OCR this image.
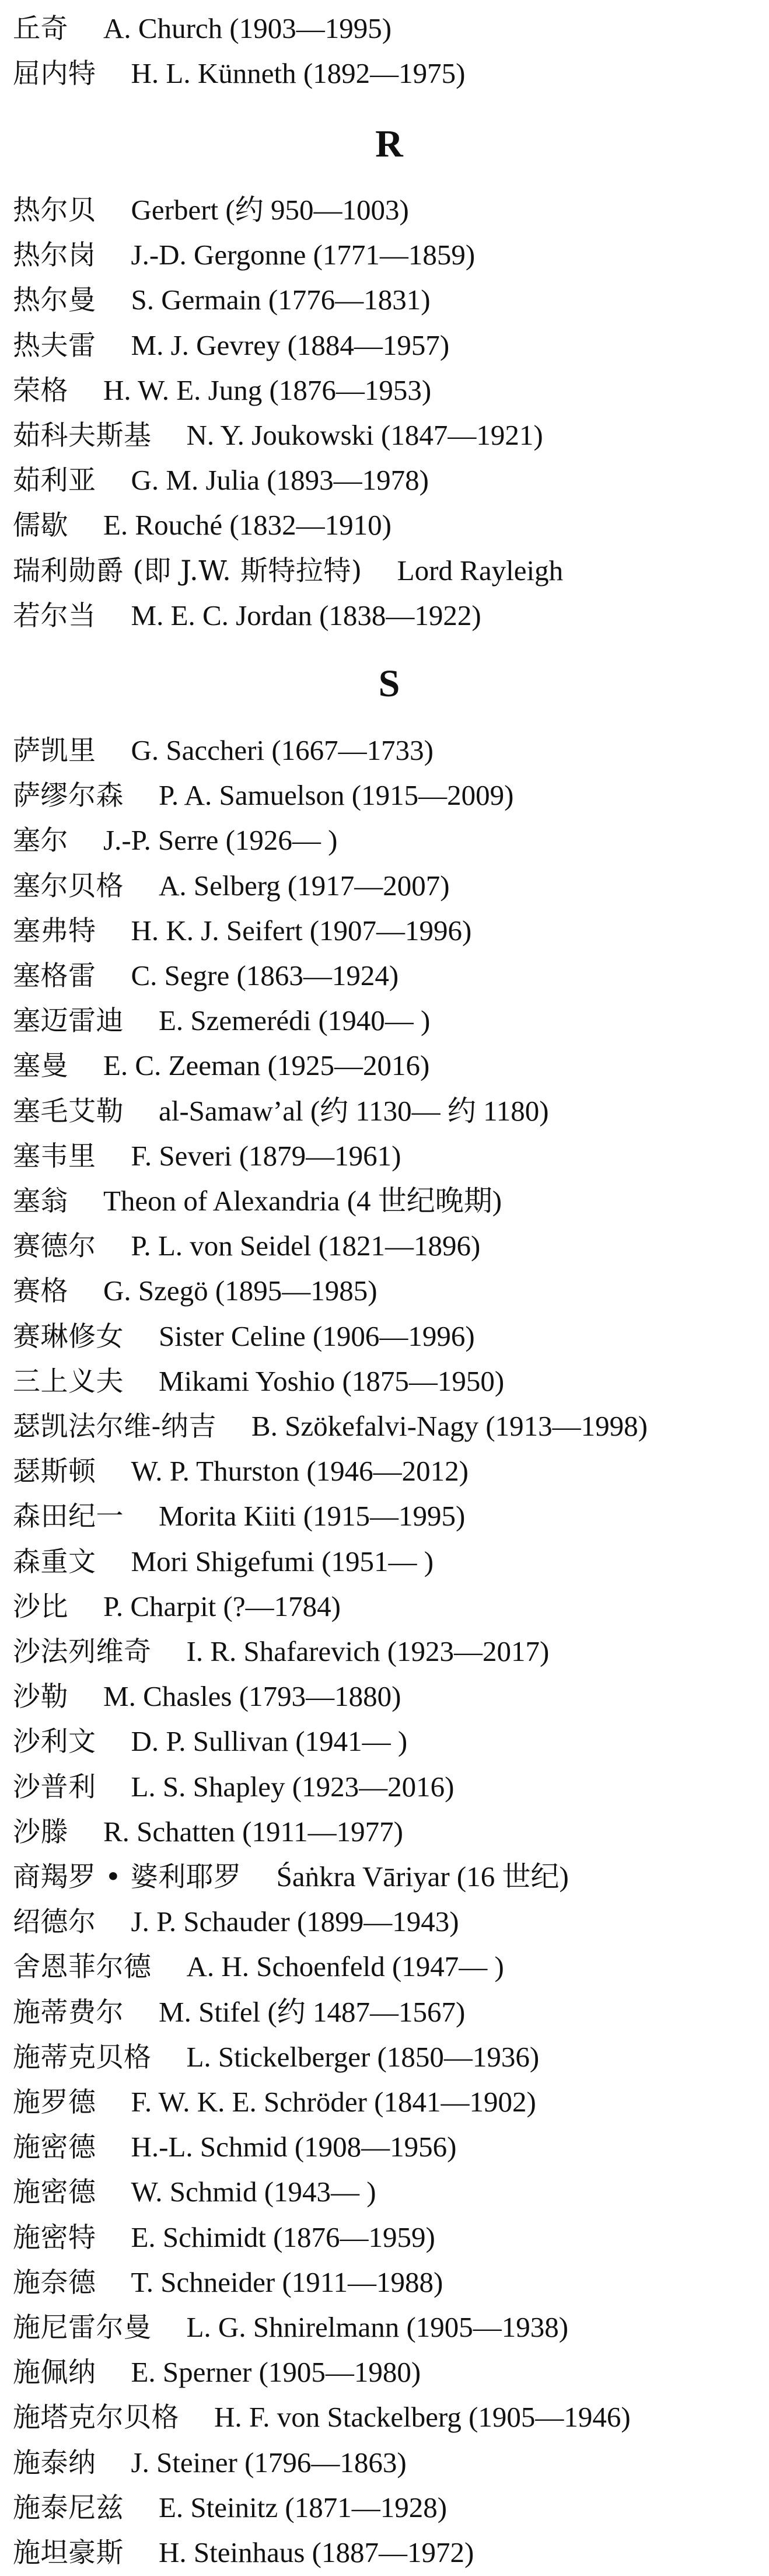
R
S
丘奇 A. Church (1903—1995)
屈内特 H. L. Künneth (1892—1975)
热尔贝 Gerbert (约 950—1003)
热尔岗 J.-D. Gergonne (1771—1859)
热尔曼 S. Germain (1776—1831)
热夫雷 M. J. Gevrey (1884—1957)
荣格 H. W. E. Jung (1876—1953)
茹科夫斯基 N. Y. Joukowski (1847—1921)
茹利亚 G. M. Julia (1893—1978)
儒歇 E. Rouché (1832—1910)
瑞利勋爵 (即 J.W. 斯特拉特) Lord Rayleigh
若尔当 M. E. C. Jordan (1838—1922)
萨凯里 G. Saccheri (1667—1733)
萨缪尔森 P. A. Samuelson (1915—2009)
塞尔 J.-P. Serre (1926— )
塞尔贝格 A. Selberg (1917—2007)
塞弗特 H. K. J. Seifert (1907—1996)
塞格雷 C. Segre (1863—1924)
塞迈雷迪 E. Szemerédi (1940— )
塞曼 E. C. Zeeman (1925—2016)
塞毛艾勒 al-Samaw’al (约 1130— 约 1180)
塞韦里 F. Severi (1879—1961)
塞翁 Theon of Alexandria (4 世纪晚期)
赛德尔 P. L. von Seidel (1821—1896)
赛格 G. Szegö (1895—1985)
赛琳修女 Sister Celine (1906—1996)
三上义夫 Mikami Yoshio (1875—1950)
瑟凯法尔维-纳吉 B. Szökefalvi-Nagy (1913—1998)
瑟斯顿 W. P. Thurston (1946—2012)
森田纪一 Morita Kiiti (1915—1995)
森重文 Mori Shigefumi (1951— )
沙比 P. Charpit (?—1784)
沙法列维奇 I. R. Shafarevich (1923—2017)
沙勒 M. Chasles (1793—1880)
沙利文 D. P. Sullivan (1941— )
沙普利 L. S. Shapley (1923—2016)
沙滕 R. Schatten (1911—1977)
商羯罗 • 婆利耶罗 Śaṅkra Vāriyar (16 世纪)
绍德尔 J. P. Schauder (1899—1943)
舍恩菲尔德 A. H. Schoenfeld (1947— )
施蒂费尔 M. Stifel (约 1487—1567)
施蒂克贝格 L. Stickelberger (1850—1936)
施罗德 F. W. K. E. Schröder (1841—1902)
施密德 H.-L. Schmid (1908—1956)
施密德 W. Schmid (1943— )
施密特 E. Schimidt (1876—1959)
施奈德 T. Schneider (1911—1988)
施尼雷尔曼 L. G. Shnirelmann (1905—1938)
施佩纳 E. Sperner (1905—1980)
施塔克尔贝格 H. F. von Stackelberg (1905—1946)
施泰纳 J. Steiner (1796—1863)
施泰尼兹 E. Steinitz (1871—1928)
施坦豪斯 H. Steinhaus (1887—1972)
